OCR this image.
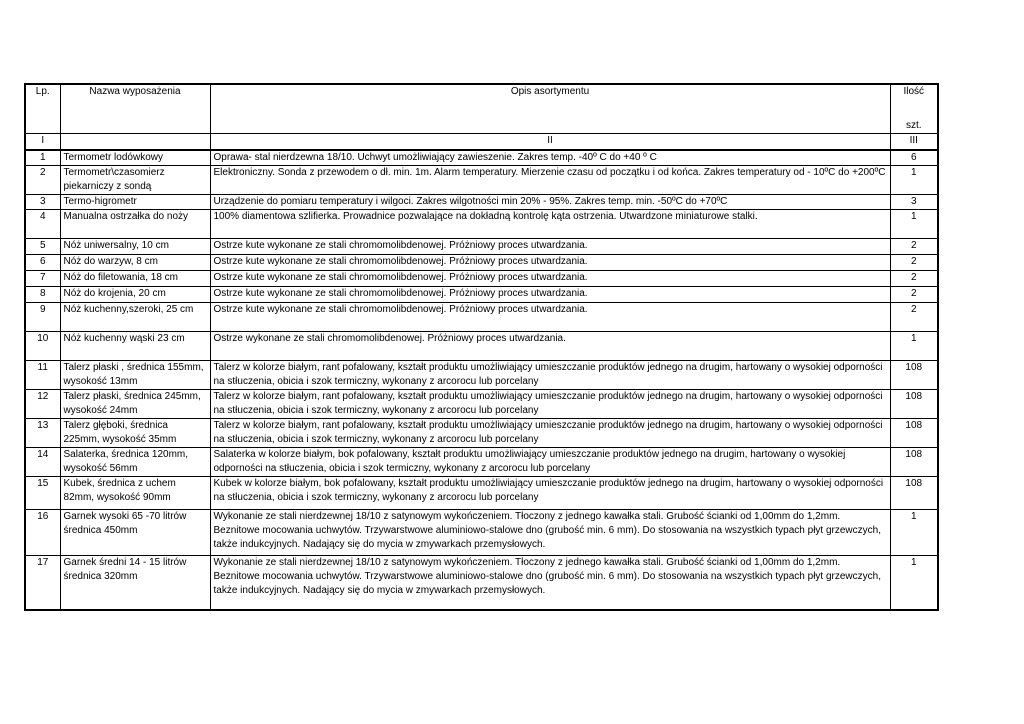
Lp.	Nazwa wyposażenia	Opis asortymentu	Ilość
szt.

I		II	III
1	Termometr lodówkowy	Oprawa- stal nierdzewna 18/10. Uchwyt umożliwiający zawieszenie. Zakres temp. -40º C do +40 º C	6
2	Termometr\czasomierz piekarniczy z sondą	Elektroniczny. Sonda z przewodem o dł. min. 1m. Alarm temperatury. Mierzenie czasu od początku i od końca. Zakres temperatury od - 10ºC do +200ºC	1
3	Termo-higrometr	Urządzenie do pomiaru temperatury i wilgoci. Zakres wilgotności min 20% - 95%. Zakres temp. min. -50ºC do +70ºC	3
4	Manualna ostrzałka do noży	100% diamentowa szlifierka. Prowadnice pozwalające na dokładną kontrolę kąta ostrzenia. Utwardzone miniaturowe stalki.	1
5	Nóż uniwersalny, 10 cm	Ostrze kute wykonane ze stali chromomolibdenowej. Próżniowy proces utwardzania.	2
6	Nóż do warzyw, 8 cm	Ostrze kute wykonane ze stali chromomolibdenowej. Próżniowy proces utwardzania.	2
7	Nóż do filetowania, 18 cm	Ostrze kute wykonane ze stali chromomolibdenowej. Próżniowy proces utwardzania.	2
8	Nóż do krojenia, 20 cm	Ostrze kute wykonane ze stali chromomolibdenowej. Próżniowy proces utwardzania.	2
9	Nóż kuchenny,szeroki, 25 cm	Ostrze kute wykonane ze stali chromomolibdenowej. Próżniowy proces utwardzania.	2
10	Nóż kuchenny wąski 23 cm	Ostrze wykonane ze stali chromomolibdenowej. Próżniowy proces utwardzania.	1
11	Talerz płaski , średnica 155mm, wysokość 13mm	Talerz w kolorze białym, rant pofalowany, kształt produktu umożliwiający umieszczanie produktów jednego na drugim, hartowany o wysokiej odporności na stłuczenia, obicia i szok termiczny, wykonany z arcorocu lub porcelany	108
12	Talerz płaski, średnica 245mm, wysokość 24mm	Talerz w kolorze białym, rant pofalowany, kształt produktu umożliwiający umieszczanie produktów jednego na drugim, hartowany o wysokiej odporności na stłuczenia, obicia i szok termiczny, wykonany z arcorocu lub porcelany	108
13	Talerz głęboki, średnica 225mm, wysokość 35mm	Talerz w kolorze białym, rant pofalowany, kształt produktu umożliwiający umieszczanie produktów jednego na drugim, hartowany o wysokiej odporności na stłuczenia, obicia i szok termiczny, wykonany z arcorocu lub porcelany	108
14	Salaterka, średnica 120mm, wysokość 56mm	Salaterka w kolorze białym, bok pofalowany, kształt produktu umożliwiający umieszczanie produktów jednego na drugim, hartowany o wysokiej odporności na stłuczenia, obicia i szok termiczny, wykonany z arcorocu lub porcelany	108
15	Kubek, średnica z uchem 82mm, wysokość 90mm	Kubek w kolorze białym, bok pofalowany, kształt produktu umożliwiający umieszczanie produktów jednego na drugim, hartowany o wysokiej odporności na stłuczenia, obicia i szok termiczny, wykonany z arcorocu lub porcelany	108
16	Garnek wysoki 65 -70 litrów średnica 450mm	Wykonanie ze stali nierdzewnej 18/10 z satynowym wykończeniem. Tłoczony z jednego kawałka stali. Grubość ścianki od 1,00mm do 1,2mm. Beznitowe mocowania uchwytów. Trzywarstwowe aluminiowo-stalowe dno (grubość min. 6 mm). Do stosowania na wszystkich typach płyt grzewczych, także indukcyjnych. Nadający się do mycia w zmywarkach przemysłowych.	1
17	Garnek średni 14 - 15 litrów średnica 320mm	Wykonanie ze stali nierdzewnej 18/10 z satynowym wykończeniem. Tłoczony z jednego kawałka stali. Grubość ścianki od 1,00mm do 1,2mm. Beznitowe mocowania uchwytów. Trzywarstwowe aluminiowo-stalowe dno (grubość min. 6 mm). Do stosowania na wszystkich typach płyt grzewczych, także indukcyjnych. Nadający się do mycia w zmywarkach przemysłowych.	1
